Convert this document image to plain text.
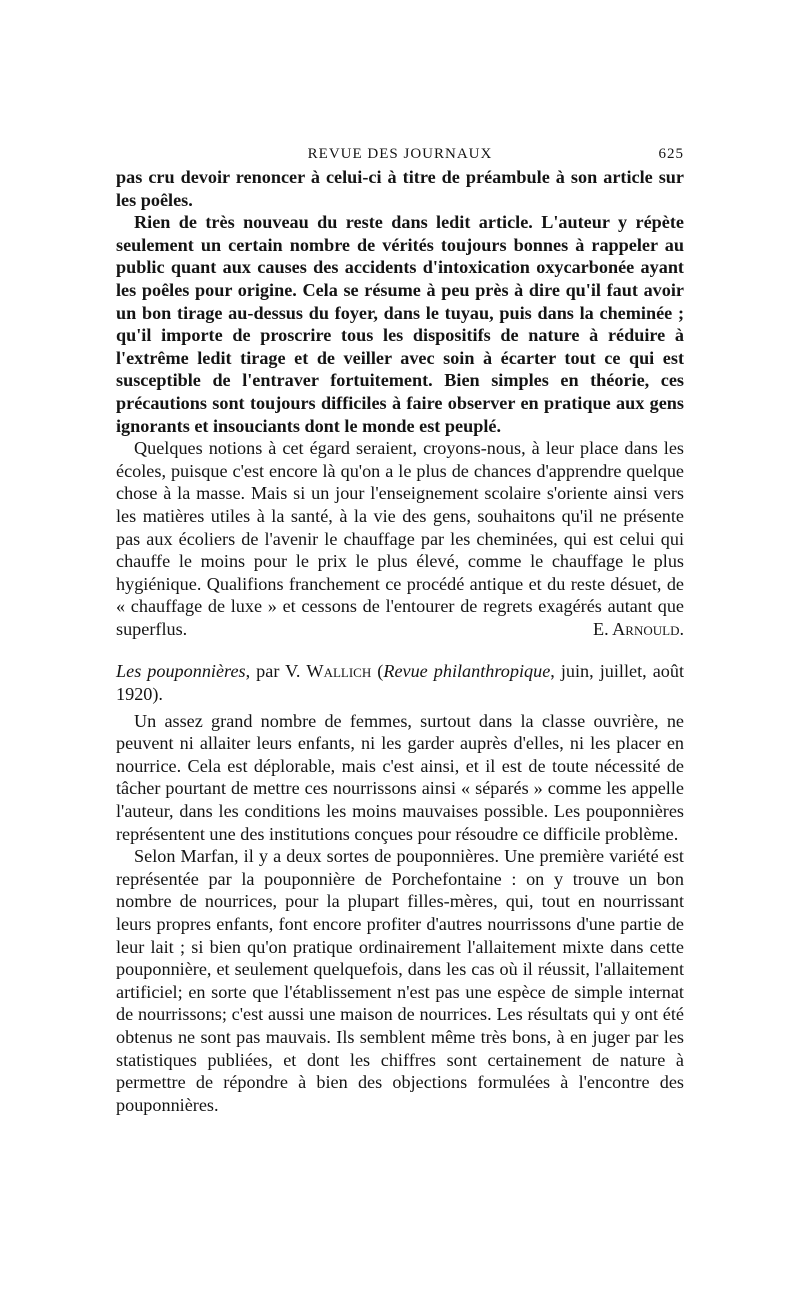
REVUE DES JOURNAUX	625

pas cru devoir renoncer à celui-ci à titre de préambule à son article sur les poêles.

Rien de très nouveau du reste dans ledit article. L'auteur y répète seulement un certain nombre de vérités toujours bonnes à rappeler au public quant aux causes des accidents d'intoxication oxycarbonée ayant les poêles pour origine. Cela se résume à peu près à dire qu'il faut avoir un bon tirage au-dessus du foyer, dans le tuyau, puis dans la cheminée ; qu'il importe de proscrire tous les dispositifs de nature à réduire à l'extrême ledit tirage et de veiller avec soin à écarter tout ce qui est susceptible de l'entraver fortuitement. Bien simples en théorie, ces précautions sont toujours difficiles à faire observer en pratique aux gens ignorants et insouciants dont le monde est peuplé.

Quelques notions à cet égard seraient, croyons-nous, à leur place dans les écoles, puisque c'est encore là qu'on a le plus de chances d'apprendre quelque chose à la masse. Mais si un jour l'enseignement scolaire s'oriente ainsi vers les matières utiles à la santé, à la vie des gens, souhaitons qu'il ne présente pas aux écoliers de l'avenir le chauffage par les cheminées, qui est celui qui chauffe le moins pour le prix le plus élevé, comme le chauffage le plus hygiénique. Qualifions franchement ce procédé antique et du reste désuet, de « chauffage de luxe » et cessons de l'entourer de regrets exagérés autant que superflus.	E. Arnould.

Les pouponnières, par V. Wallich (Revue philanthropique, juin, juillet, août 1920).

Un assez grand nombre de femmes, surtout dans la classe ouvrière, ne peuvent ni allaiter leurs enfants, ni les garder auprès d'elles, ni les placer en nourrice. Cela est déplorable, mais c'est ainsi, et il est de toute nécessité de tâcher pourtant de mettre ces nourrissons ainsi « séparés » comme les appelle l'auteur, dans les conditions les moins mauvaises possible. Les pouponnières représentent une des institutions conçues pour résoudre ce difficile problème.

Selon Marfan, il y a deux sortes de pouponnières. Une première variété est représentée par la pouponnière de Porchefontaine : on y trouve un bon nombre de nourrices, pour la plupart filles-mères, qui, tout en nourrissant leurs propres enfants, font encore profiter d'autres nourrissons d'une partie de leur lait ; si bien qu'on pratique ordinairement l'allaitement mixte dans cette pouponnière, et seulement quelquefois, dans les cas où il réussit, l'allaitement artificiel; en sorte que l'établissement n'est pas une espèce de simple internat de nourrissons; c'est aussi une maison de nourrices. Les résultats qui y ont été obtenus ne sont pas mauvais. Ils semblent même très bons, à en juger par les statistiques publiées, et dont les chiffres sont certainement de nature à permettre de répondre à bien des objections formulées à l'encontre des pouponnières.
